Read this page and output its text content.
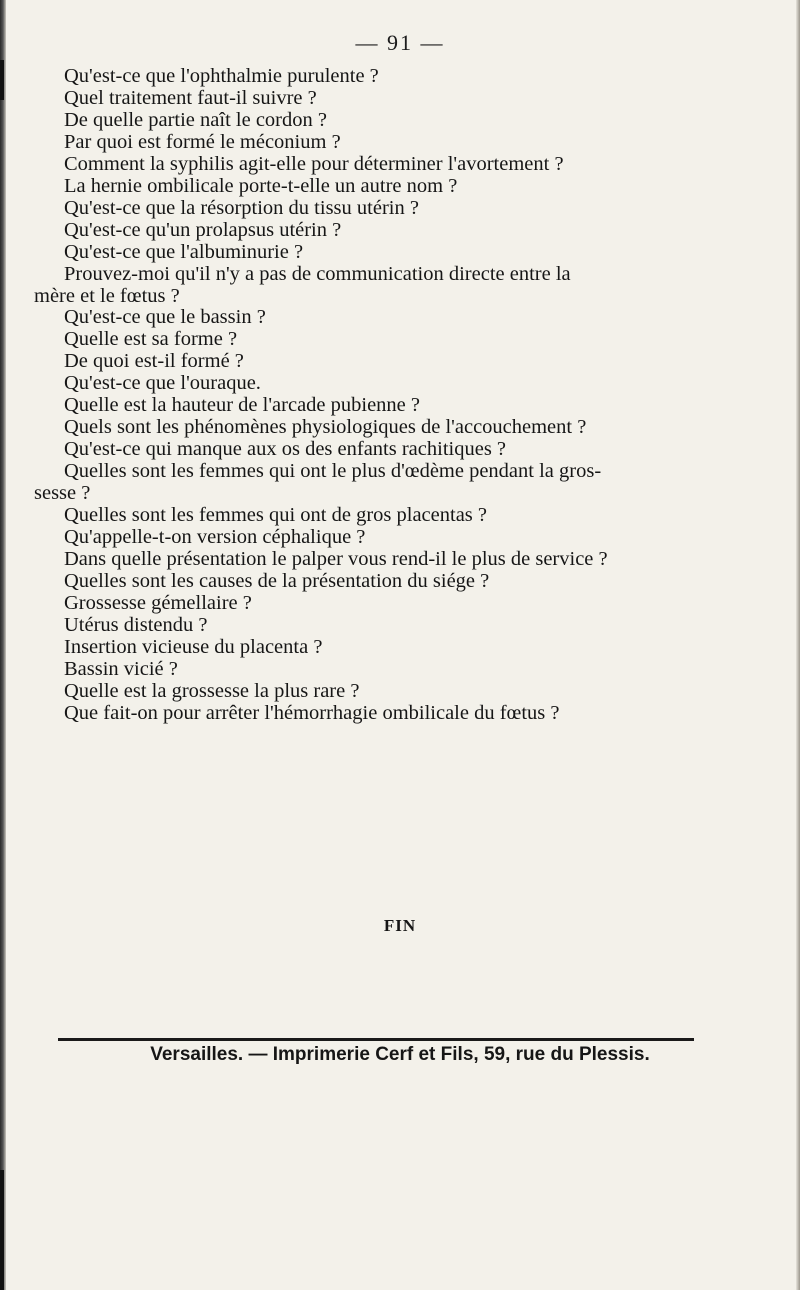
— 91 —

Qu'est-ce que l'ophthalmie purulente ?

Quel traitement faut-il suivre ?

De quelle partie naît le cordon ?

Par quoi est formé le méconium ?

Comment la syphilis agit-elle pour déterminer l'avortement ?

La hernie ombilicale porte-t-elle un autre nom ?

Qu'est-ce que la résorption du tissu utérin ?

Qu'est-ce qu'un prolapsus utérin ?

Qu'est-ce que l'albuminurie ?

Prouvez-moi qu'il n'y a pas de communication directe entre la
mère et le fœtus ?

Qu'est-ce que le bassin ?

Quelle est sa forme ?

De quoi est-il formé ?

Qu'est-ce que l'ouraque.

Quelle est la hauteur de l'arcade pubienne ?

Quels sont les phénomènes physiologiques de l'accouchement ?

Qu'est-ce qui manque aux os des enfants rachitiques ?

Quelles sont les femmes qui ont le plus d'œdème pendant la gros-
sesse ?

Quelles sont les femmes qui ont de gros placentas ?

Qu'appelle-t-on version céphalique ?

Dans quelle présentation le palper vous rend-il le plus de service ?

Quelles sont les causes de la présentation du siége ?

Grossesse gémellaire ?

Utérus distendu ?

Insertion vicieuse du placenta ?

Bassin vicié ?

Quelle est la grossesse la plus rare ?

Que fait-on pour arrêter l'hémorrhagie ombilicale du fœtus ?

FIN
Versailles. — Imprimerie Cerf et Fils, 59, rue du Plessis.
